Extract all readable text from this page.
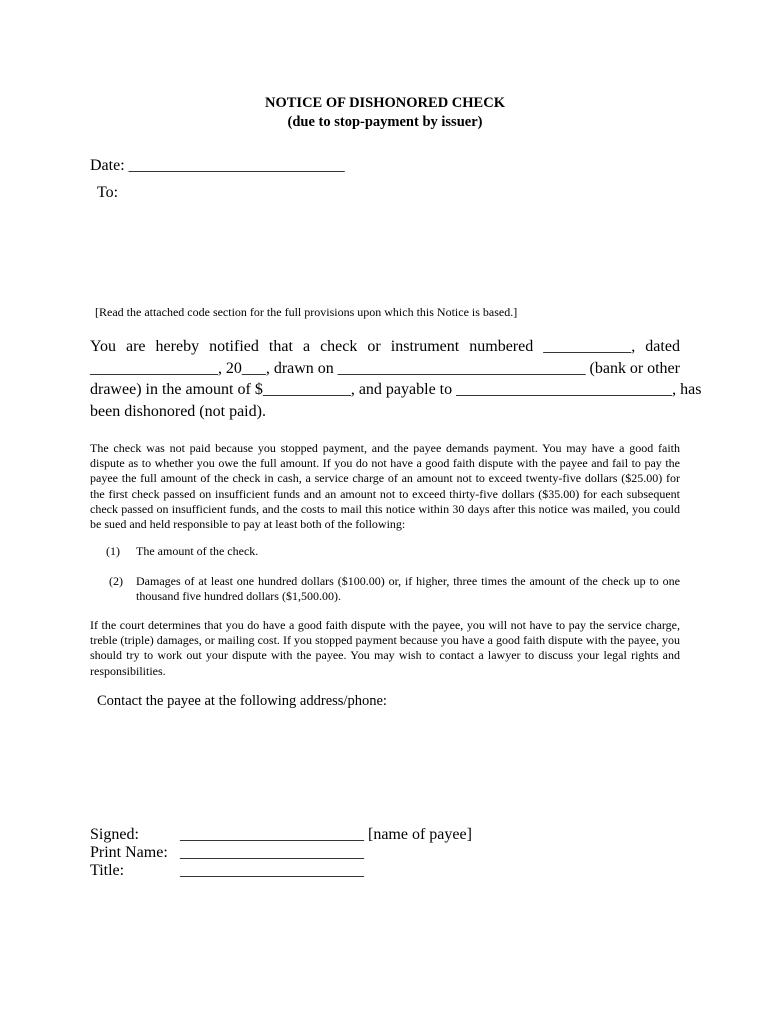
NOTICE OF DISHONORED CHECK
(due to stop-payment by issuer)
Date: ___________________________
To:
[Read the attached code section for the full provisions upon which this Notice is based.]
You are hereby notified that a check or instrument numbered ___________, dated
________________, 20___, drawn on _______________________________ (bank or other
drawee) in the amount of $___________, and payable to ___________________________, has
been dishonored (not paid).
The check was not paid because you stopped payment, and the payee demands payment. You may have a good faith dispute as to whether you owe the full amount. If you do not have a good faith dispute with the payee and fail to pay the payee the full amount of the check in cash, a service charge of an amount not to exceed twenty-five dollars ($25.00) for the first check passed on insufficient funds and an amount not to exceed thirty-five dollars ($35.00) for each subsequent check passed on insufficient funds, and the costs to mail this notice within 30 days after this notice was mailed, you could be sued and held responsible to pay at least both of the following:
(1) The amount of the check.
(2) Damages of at least one hundred dollars ($100.00) or, if higher, three times the amount of the check up to one thousand five hundred dollars ($1,500.00).
If the court determines that you do have a good faith dispute with the payee, you will not have to pay the service charge, treble (triple) damages, or mailing cost. If you stopped payment because you have a good faith dispute with the payee, you should try to work out your dispute with the payee. You may wish to contact a lawyer to discuss your legal rights and responsibilities.
Contact the payee at the following address/phone:
Signed:	_______________________ [name of payee]
Print Name: _______________________
Title:	_______________________
